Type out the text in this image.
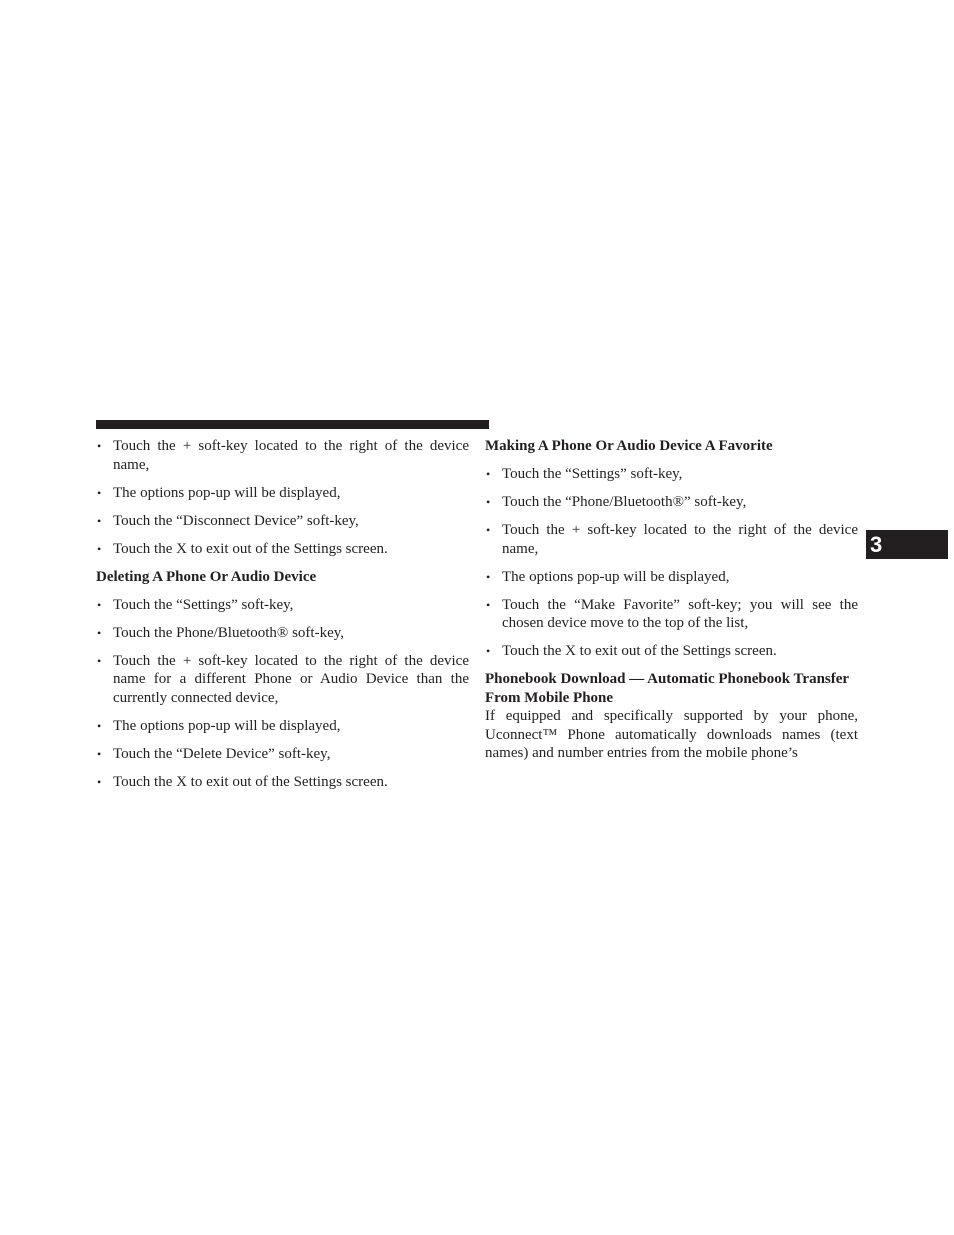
• Touch the + soft-key located to the right of the device name,
• The options pop-up will be displayed,
• Touch the “Disconnect Device” soft-key,
• Touch the X to exit out of the Settings screen.
Deleting A Phone Or Audio Device
• Touch the “Settings” soft-key,
• Touch the Phone/Bluetooth® soft-key,
• Touch the + soft-key located to the right of the device name for a different Phone or Audio Device than the currently connected device,
• The options pop-up will be displayed,
• Touch the “Delete Device” soft-key,
• Touch the X to exit out of the Settings screen.
Making A Phone Or Audio Device A Favorite
• Touch the “Settings” soft-key,
• Touch the “Phone/Bluetooth®” soft-key,
• Touch the + soft-key located to the right of the device name,
• The options pop-up will be displayed,
• Touch the “Make Favorite” soft-key; you will see the chosen device move to the top of the list,
• Touch the X to exit out of the Settings screen.
Phonebook Download — Automatic Phonebook Transfer From Mobile Phone

If equipped and specifically supported by your phone, Uconnect™ Phone automatically downloads names (text names) and number entries from the mobile phone’s

3
